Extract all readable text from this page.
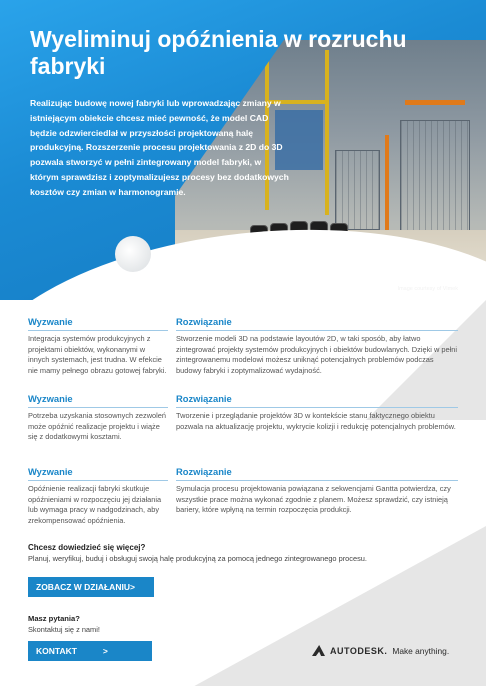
Wyeliminuj opóźnienia w rozruchu fabryki

Realizując budowę nowej fabryki lub wprowadzając zmiany w istniejącym obiekcie chcesz mieć pewność, że model CAD będzie odzwierciedlał w przyszłości projektowaną halę produkcyjną. Rozszerzenie procesu projektowania z 2D do 3D pozwala stworzyć w pełni zintegrowany model fabryki, w którym sprawdzisz i zoptymalizujesz procesy bez dodatkowych kosztów czy zmian w harmonogramie.

Image courtesy of Vimek
Wyzwanie
Integracja systemów produkcyjnych z projektami obiektów, wykonanymi w innych systemach, jest trudna. W efekcie nie mamy pełnego obrazu gotowej fabryki.
Rozwiązanie
Stworzenie modeli 3D na podstawie layoutów 2D, w taki sposób, aby łatwo zintegrować projekty systemów produkcyjnych i obiektów budowlanych. Dzięki w pełni zintegrowanemu modelowi możesz uniknąć potencjalnych problemów podczas budowy fabryki i zoptymalizować wydajność.
Wyzwanie
Potrzeba uzyskania stosownych zezwoleń może opóźnić realizacje projektu i wiąże się z dodatkowymi kosztami.
Rozwiązanie
Tworzenie i przeglądanie projektów 3D w kontekście stanu faktycznego obiektu pozwala na aktualizację projektu, wykrycie kolizji i redukcję potencjalnych problemów.
Wyzwanie
Opóźnienie realizacji fabryki skutkuje opóźnieniami w rozpoczęciu jej działania lub wymaga pracy w nadgodzinach, aby zrekompensować opóźnienia.
Rozwiązanie
Symulacja procesu projektowania powiązana z sekwencjami Gantta potwierdza, czy wszystkie prace można wykonać zgodnie z planem. Możesz sprawdzić, czy istnieją bariery, które wpłyną na termin rozpoczęcia produkcji.
Chcesz dowiedzieć się więcej?
Planuj, weryfikuj, buduj i obsługuj swoją halę produkcyjną za pomocą jednego zintegrowanego procesu.
ZOBACZ W DZIAŁANIU>
Masz pytania?
Skontaktuj się z nami!
KONTAKT	>	AUTODESK. Make anything.
